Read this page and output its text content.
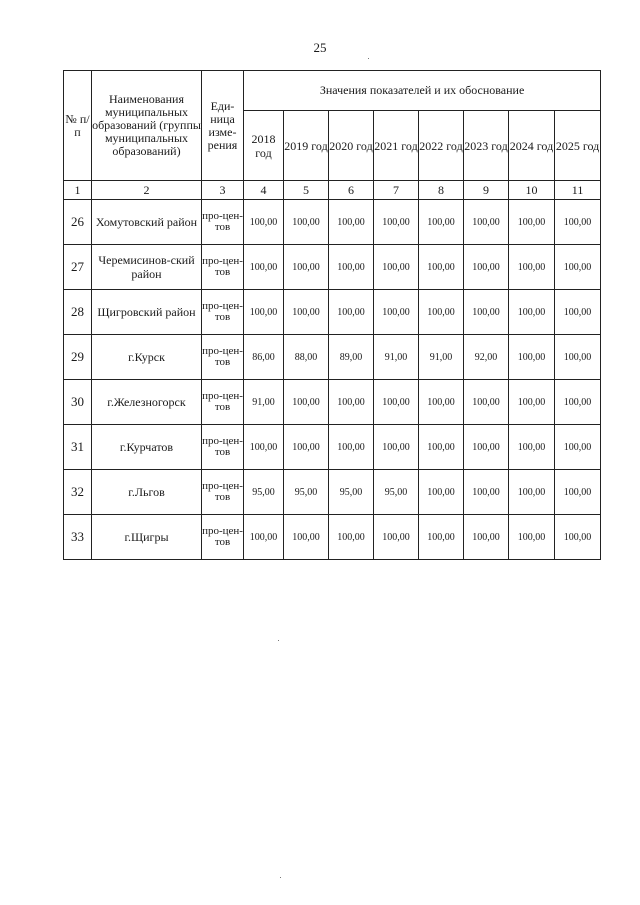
25
№ п/п	Наименования муниципальных образований (группы муниципальных образований)	Еди-ница изме-рения	Значения показателей и их обоснование							
			2018 год	2019 год	2020 год	2021 год	2022 год	2023 год	2024 год	2025 год
1	2	3	4	5	6	7	8	9	10	11
26	Хомутовский район	про-цен-тов	100,00	100,00	100,00	100,00	100,00	100,00	100,00	100,00
27	Черемисинов-ский район	про-цен-тов	100,00	100,00	100,00	100,00	100,00	100,00	100,00	100,00
28	Щигровский район	про-цен-тов	100,00	100,00	100,00	100,00	100,00	100,00	100,00	100,00
29	г.Курск	про-цен-тов	86,00	88,00	89,00	91,00	91,00	92,00	100,00	100,00
30	г.Железногорск	про-цен-тов	91,00	100,00	100,00	100,00	100,00	100,00	100,00	100,00
31	г.Курчатов	про-цен-тов	100,00	100,00	100,00	100,00	100,00	100,00	100,00	100,00
32	г.Льгов	про-цен-тов	95,00	95,00	95,00	95,00	100,00	100,00	100,00	100,00
33	г.Щигры	про-цен-тов	100,00	100,00	100,00	100,00	100,00	100,00	100,00	100,00
